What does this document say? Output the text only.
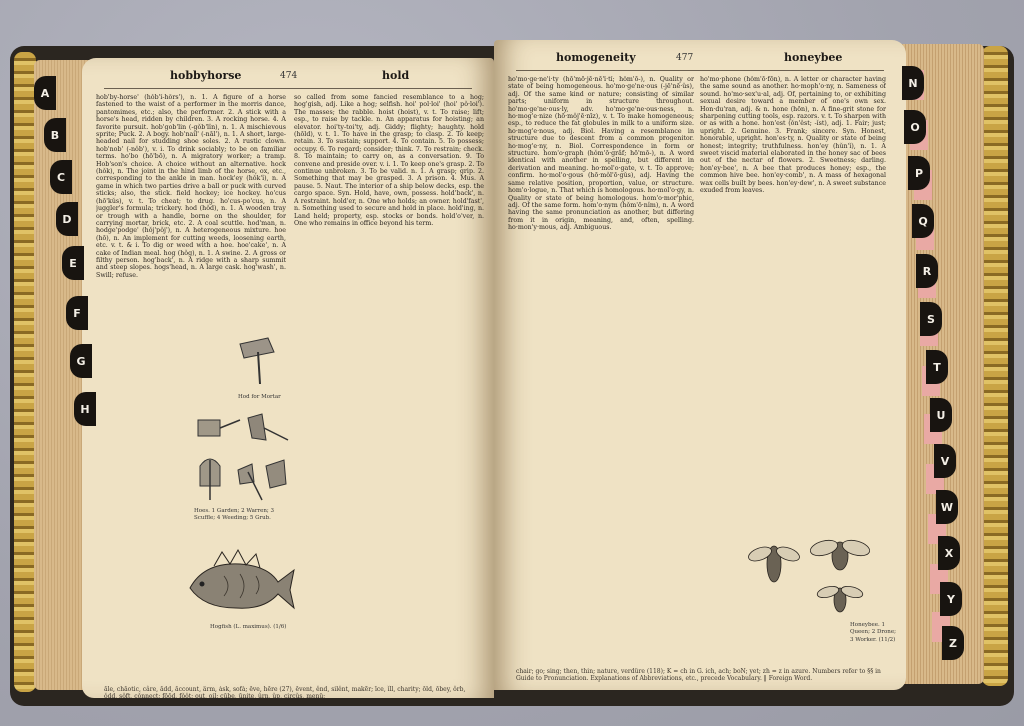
hobbyhorse	474	hold

hob'by-horse' (hŏb'ĭ-hôrs'), n. 1. A figure of a horse fastened to the waist of a performer in the morris dance, pantomimes, etc.; also, the performer. 2. A stick with a horse's head, ridden by children. 3. A rocking horse. 4. A favorite pursuit. hob'gob'lin (-gŏb'lĭn), n. 1. A mischievous sprite; Puck. 2. A bogy. hob'nail' (-nāl'), n. 1. A short, large-headed nail for studding shoe soles. 2. A rustic clown. hob'nob' (-nŏb'), v. i. To drink sociably; to be on familiar terms. ho'bo (hō'bō), n. A migratory worker; a tramp. Hob'son's choice. A choice without an alternative. hock (hŏk), n. The joint in the hind limb of the horse, ox, etc., corresponding to the ankle in man. hock'ey (hŏk'ĭ), n. A game in which two parties drive a ball or puck with curved sticks; also, the stick. field hockey; ice hockey. ho'cus (hō'kŭs), v. t. To cheat; to drug. ho'cus-po'cus, n. A juggler's formula; trickery. hod (hŏd), n. 1. A wooden tray or trough with a handle, borne on the shoulder, for carrying mortar, brick, etc. 2. A coal scuttle. hod'man, n. hodge'podge' (hŏj'pŏj'), n. A heterogeneous mixture. hoe (hō), n. An implement for cutting weeds, loosening earth, etc. v. t. & i. To dig or weed with a hoe. hoe'cake', n. A cake of Indian meal. hog (hŏg), n. 1. A swine. 2. A gross or filthy person. hog'back', n. A ridge with a sharp summit and steep slopes. hogs'head, n. A large cask. hog'wash', n. Swill; refuse.

so called from some fancied resemblance to a hog; hog'gish, adj. Like a hog; selfish. hoi' pol·loi' (hoi' pŏ·loi'). The masses; the rabble. hoist (hoist), v. t. To raise; lift; esp., to raise by tackle. n. An apparatus for hoisting; an elevator. hoi'ty-toi'ty, adj. Giddy; flighty; haughty. hold (hōld), v. t. 1. To have in the grasp; to clasp. 2. To keep; retain. 3. To sustain; support. 4. To contain. 5. To possess; occupy. 6. To regard; consider; think. 7. To restrain; check. 8. To maintain; to carry on, as a conversation. 9. To convene and preside over. v. i. 1. To keep one's grasp. 2. To continue unbroken. 3. To be valid. n. 1. A grasp; grip. 2. Something that may be grasped. 3. A prison. 4. Mus. A pause. 5. Naut. The interior of a ship below decks, esp. the cargo space. Syn. Hold, have, own, possess. hold'back', n. A restraint. hold'er, n. One who holds; an owner. hold'fast', n. Something used to secure and hold in place. hold'ing, n. Land held; property, esp. stocks or bonds. hold'o'ver, n. One who remains in office beyond his term.

Hod for Mortar
Hoes. 1 Garden; 2 Warren; 3 Scuffle; 4 Weeding; 5 Grub.
Hogfish (L. maximus). (1/6)
ăle, chāotic, câre, ădd, ăccount, ärm, ȧsk, sofȧ; ēve, hēre (27), ēvent, ĕnd, silĕnt, makẽr; īce, ĭll, charity; ōld, ōbey, ôrb, ŏdd, sŏft, cŏnnect; fōōd, fŏŏt; out, oil; cūbe, ūnite, ûrn, ŭp, circŭs, menü;
homogeneity	477	honeybee

ho'mo·ge·ne'i·ty (hō'mō·jē·nē'ĭ·tĭ; hŏm'ō-), n. Quality or state of being homogeneous. ho'mo·ge'ne·ous (-jē'nē·ŭs), adj. Of the same kind or nature; consisting of similar parts; uniform in structure throughout. ho'mo·ge'ne·ous·ly, adv. ho'mo·ge'ne·ous·ness, n. ho·mog'e·nize (hō·mŏj'ē·nīz), v. t. To make homogeneous; esp., to reduce the fat globules in milk to a uniform size. ho·mog'e·nous, adj. Biol. Having a resemblance in structure due to descent from a common progenitor. ho·mog'e·ny, n. Biol. Correspondence in form or structure. hom'o·graph (hŏm'ō·grăf; hō'mō-), n. A word identical with another in spelling, but different in derivation and meaning. ho·mol'o·gate, v. t. To approve; confirm. ho·mol'o·gous (hō·mŏl'ō·gŭs), adj. Having the same relative position, proportion, value, or structure. hom'o·logue, n. That which is homologous. ho·mol'o·gy, n. Quality or state of being homologous. hom'o·mor'phic, adj. Of the same form. hom'o·nym (hŏm'ō·nĭm), n. A word having the same pronunciation as another, but differing from it in origin, meaning, and, often, spelling. ho·mon'y·mous, adj. Ambiguous.

ho'mo·phone (hŏm'ō·fōn), n. A letter or character having the same sound as another. ho·moph'o·ny, n. Sameness of sound. ho'mo·sex'u·al, adj. Of, pertaining to, or exhibiting sexual desire toward a member of one's own sex. Hon·du'ran, adj. & n. hone (hōn), n. A fine-grit stone for sharpening cutting tools, esp. razors. v. t. To sharpen with or as with a hone. hon'est (ŏn'ĕst; -ĭst), adj. 1. Fair; just; upright. 2. Genuine. 3. Frank; sincere. Syn. Honest, honorable, upright. hon'es·ty, n. Quality or state of being honest; integrity; truthfulness. hon'ey (hŭn'ĭ), n. 1. A sweet viscid material elaborated in the honey sac of bees out of the nectar of flowers. 2. Sweetness; darling. hon'ey·bee', n. A bee that produces honey; esp., the common hive bee. hon'ey·comb', n. A mass of hexagonal wax cells built by bees. hon'ey·dew', n. A sweet substance exuded from leaves.

Honeybee. 1 Queen; 2 Drone; 3 Worker. (11/2)
chair; go; sing; then, thin; nature, verdüre (118); K = ch in G. ich, ach; boN; yet; zh = z in azure. Numbers refer to §§ in Guide to Pronunciation. Explanations of Abbreviations, etc., precede Vocabulary. ‖ Foreign Word.
A
B
C
D
E
F
G
H
N
O
P
Q
R
S
T
U
V
W
X
Y
Z
